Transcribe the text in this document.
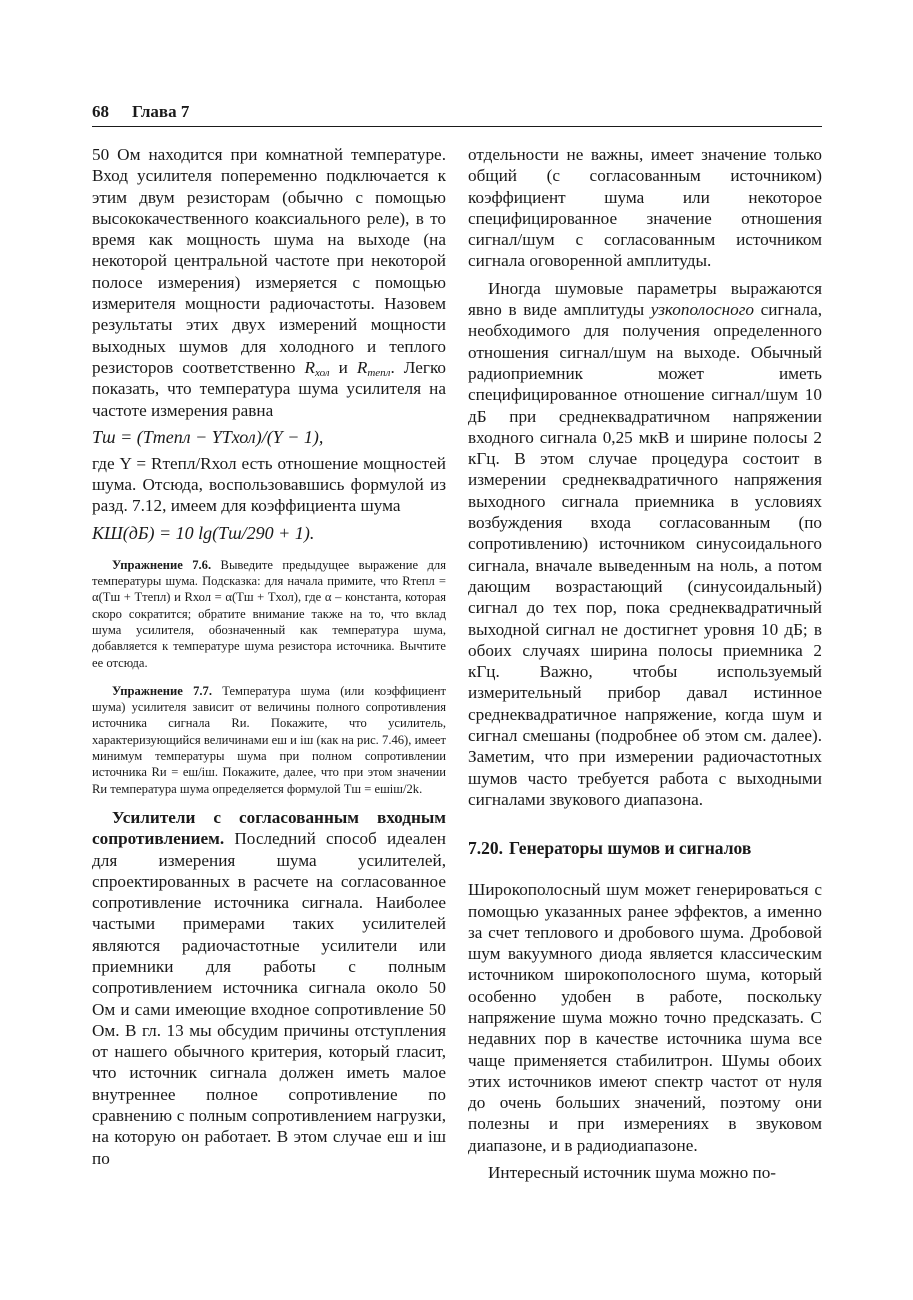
68 Глава 7

50 Ом находится при комнатной температуре. Вход усилителя попеременно подключается к этим двум резисторам (обычно с помощью высококачественного коаксиального реле), в то время как мощность шума на выходе (на некоторой центральной частоте при некоторой полосе измерения) измеряется с помощью измерителя мощности радиочастоты. Назовем результаты этих двух измерений мощности выходных шумов для холодного и теплого резисторов соответственно $R_{хол}$ и $R_{тепл}$. Легко показать, что температура шума усилителя на частоте измерения равна

Tш = (Tтепл − YTхол)/(Y − 1),

где Y = Rтепл/Rхол есть отношение мощностей шума. Отсюда, воспользовавшись формулой из разд. 7.12, имеем для коэффициента шума

КШ(дБ) = 10 lg(Tш/290 + 1).

Упражнение 7.6. Выведите предыдущее выражение для температуры шума. Подсказка: для начала примите, что Rтепл = α(Tш + Tтепл) и Rхол = α(Tш + Tхол), где α – константа, которая скоро сократится; обратите внимание также на то, что вклад шума усилителя, обозначенный как температура шума, добавляется к температуре шума резистора источника. Вычтите ее отсюда.

Упражнение 7.7. Температура шума (или коэффициент шума) усилителя зависит от величины полного сопротивления источника сигнала Rи. Покажите, что усилитель, характеризующийся величинами eш и iш (как на рис. 7.46), имеет минимум температуры шума при полном сопротивлении источника Rи = eш/iш. Покажите, далее, что при этом значении Rи температура шума определяется формулой Tш = eшiш/2k.

Усилители с согласованным входным сопротивлением. Последний способ идеален для измерения шума усилителей, спроектированных в расчете на согласованное сопротивление источника сигнала. Наиболее частыми примерами таких усилителей являются радиочастотные усилители или приемники для работы с полным сопротивлением источника сигнала около 50 Ом и сами имеющие входное сопротивление 50 Ом. В гл. 13 мы обсудим причины отступления от нашего обычного критерия, который гласит, что источник сигнала должен иметь малое внутреннее полное сопротивление по сравнению с полным сопротивлением нагрузки, на которую он работает. В этом случае eш и iш по

отдельности не важны, имеет значение только общий (с согласованным источником) коэффициент шума или некоторое специфицированное значение отношения сигнал/шум с согласованным источником сигнала оговоренной амплитуды.

Иногда шумовые параметры выражаются явно в виде амплитуды узкополосного сигнала, необходимого для получения определенного отношения сигнал/шум на выходе. Обычный радиоприемник может иметь специфицированное отношение сигнал/шум 10 дБ при среднеквадратичном напряжении входного сигнала 0,25 мкВ и ширине полосы 2 кГц. В этом случае процедура состоит в измерении среднеквадратичного напряжения выходного сигнала приемника в условиях возбуждения входа согласованным (по сопротивлению) источником синусоидального сигнала, вначале выведенным на ноль, а потом дающим возрастающий (синусоидальный) сигнал до тех пор, пока среднеквадратичный выходной сигнал не достигнет уровня 10 дБ; в обоих случаях ширина полосы приемника 2 кГц. Важно, чтобы используемый измерительный прибор давал истинное среднеквадратичное напряжение, когда шум и сигнал смешаны (подробнее об этом см. далее). Заметим, что при измерении радиочастотных шумов часто требуется работа с выходными сигналами звукового диапазона.

7.20. Генераторы шумов и сигналов

Широкополосный шум может генерироваться с помощью указанных ранее эффектов, а именно за счет теплового и дробового шума. Дробовой шум вакуумного диода является классическим источником широкополосного шума, который особенно удобен в работе, поскольку напряжение шума можно точно предсказать. С недавних пор в качестве источника шума все чаще применяется стабилитрон. Шумы обоих этих источников имеют спектр частот от нуля до очень больших значений, поэтому они полезны и при измерениях в звуковом диапазоне, и в радиодиапазоне.

Интересный источник шума можно по-
